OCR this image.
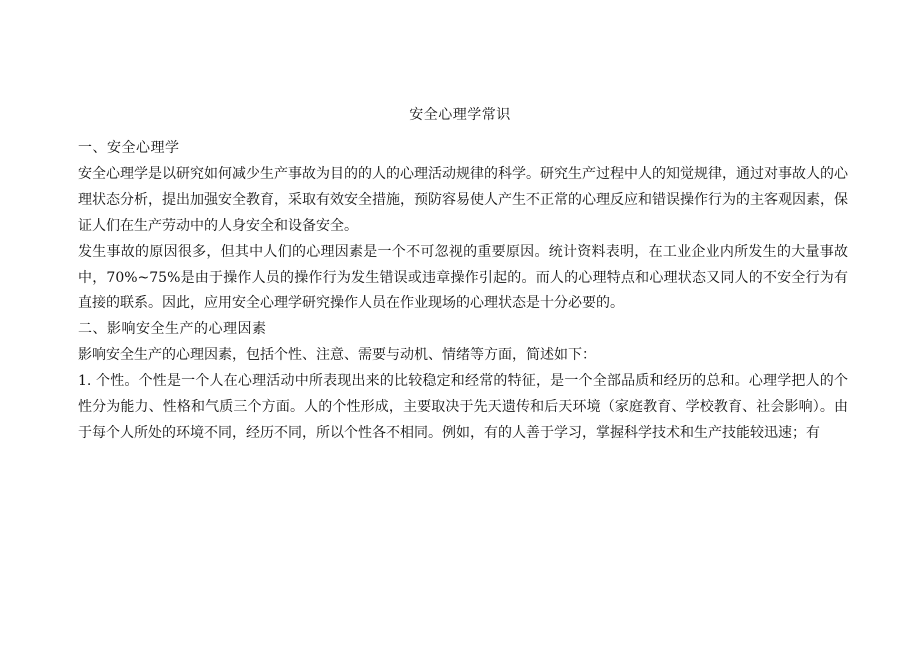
安全心理学常识

一、安全心理学

安全心理学是以研究如何减少生产事故为目的的人的心理活动规律的科学。研究生产过程中人的知觉规律，通过对事故人的心理状态分析，提出加强安全教育，采取有效安全措施，预防容易使人产生不正常的心理反应和错误操作行为的主客观因素，保证人们在生产劳动中的人身安全和设备安全。

发生事故的原因很多，但其中人们的心理因素是一个不可忽视的重要原因。统计资料表明，在工业企业内所发生的大量事故中，70%~75%是由于操作人员的操作行为发生错误或违章操作引起的。而人的心理特点和心理状态又同人的不安全行为有直接的联系。因此，应用安全心理学研究操作人员在作业现场的心理状态是十分必要的。

二、影响安全生产的心理因素

影响安全生产的心理因素，包括个性、注意、需要与动机、情绪等方面，简述如下：

1. 个性。个性是一个人在心理活动中所表现出来的比较稳定和经常的特征，是一个全部品质和经历的总和。心理学把人的个性分为能力、性格和气质三个方面。人的个性形成，主要取决于先天遗传和后天环境（家庭教育、学校教育、社会影响）。由于每个人所处的环境不同，经历不同，所以个性各不相同。例如，有的人善于学习，掌握科学技术和生产技能较迅速；有
